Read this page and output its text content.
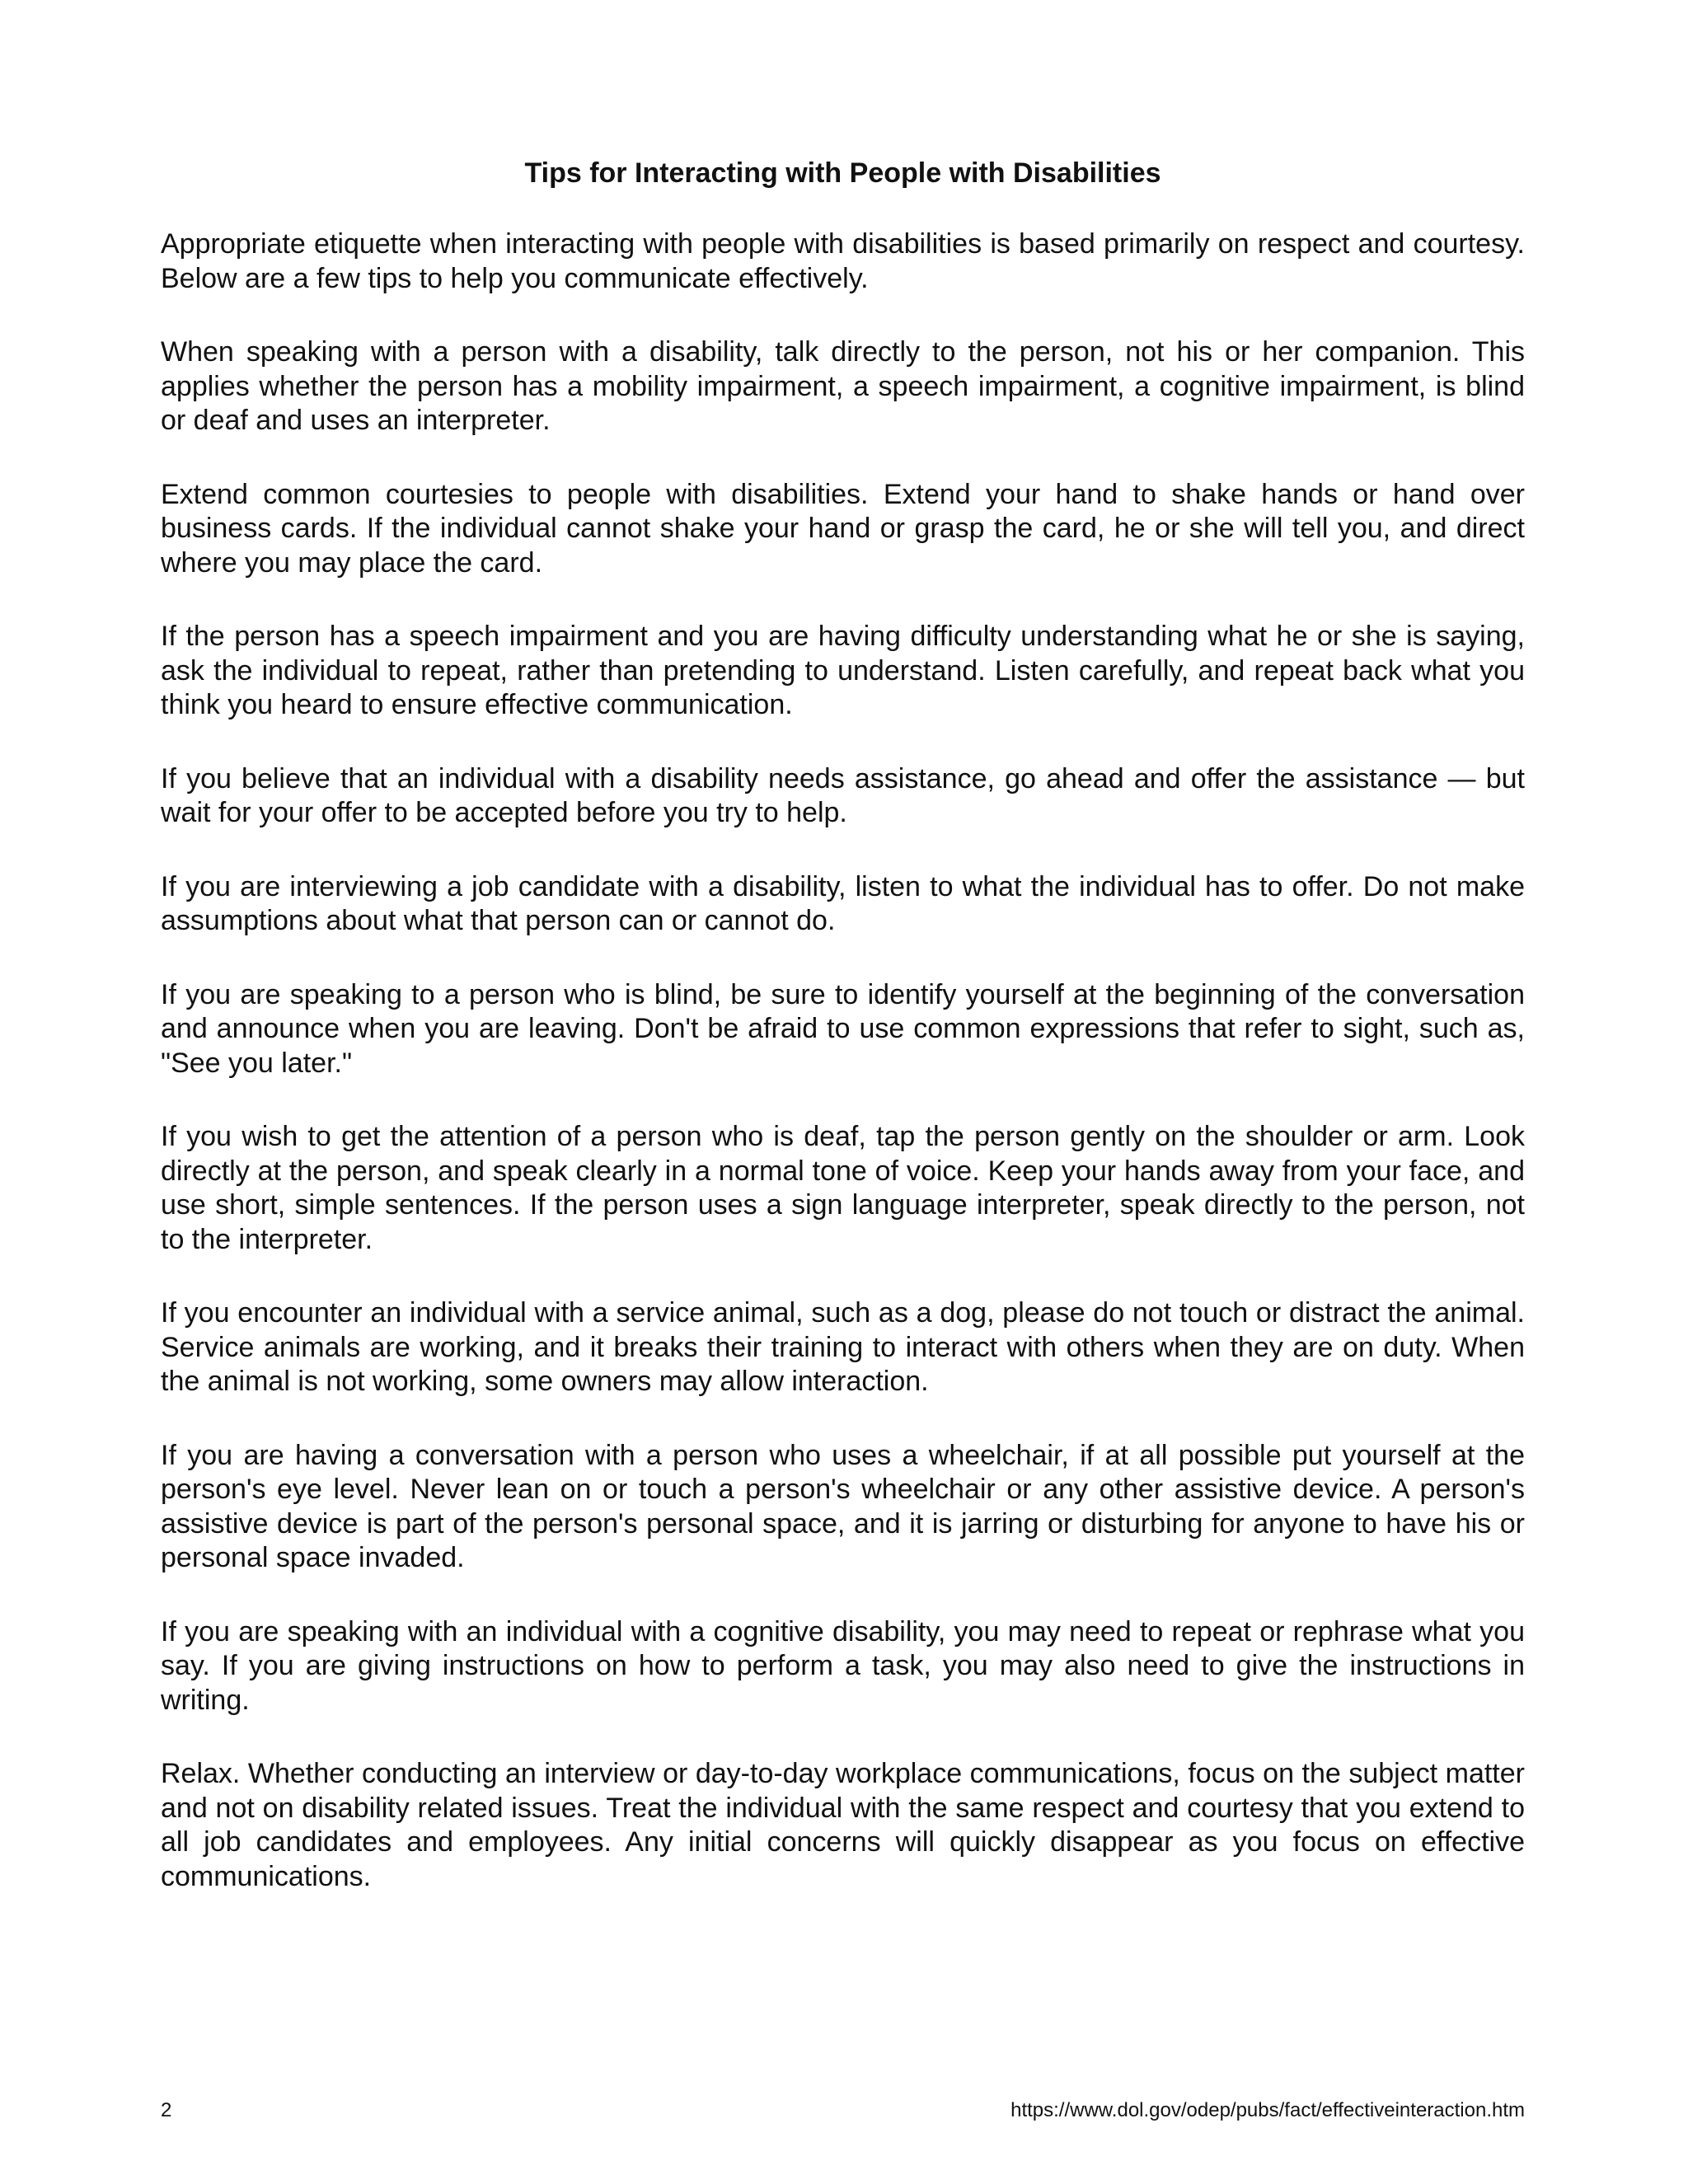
Tips for Interacting with People with Disabilities

Appropriate etiquette when interacting with people with disabilities is based primarily on respect and courtesy. Below are a few tips to help you communicate effectively.

When speaking with a person with a disability, talk directly to the person, not his or her companion. This applies whether the person has a mobility impairment, a speech impairment, a cognitive impairment, is blind or deaf and uses an interpreter.

Extend common courtesies to people with disabilities. Extend your hand to shake hands or hand over business cards. If the individual cannot shake your hand or grasp the card, he or she will tell you, and direct where you may place the card.

If the person has a speech impairment and you are having difficulty understanding what he or she is saying, ask the individual to repeat, rather than pretending to understand. Listen carefully, and repeat back what you think you heard to ensure effective communication.

If you believe that an individual with a disability needs assistance, go ahead and offer the assistance — but wait for your offer to be accepted before you try to help.

If you are interviewing a job candidate with a disability, listen to what the individual has to offer. Do not make assumptions about what that person can or cannot do.

If you are speaking to a person who is blind, be sure to identify yourself at the beginning of the conversation and announce when you are leaving. Don't be afraid to use common expressions that refer to sight, such as, "See you later."

If you wish to get the attention of a person who is deaf, tap the person gently on the shoulder or arm. Look directly at the person, and speak clearly in a normal tone of voice. Keep your hands away from your face, and use short, simple sentences. If the person uses a sign language interpreter, speak directly to the person, not to the interpreter.

If you encounter an individual with a service animal, such as a dog, please do not touch or distract the animal. Service animals are working, and it breaks their training to interact with others when they are on duty. When the animal is not working, some owners may allow interaction.

If you are having a conversation with a person who uses a wheelchair, if at all possible put yourself at the person's eye level. Never lean on or touch a person's wheelchair or any other assistive device. A person's assistive device is part of the person's personal space, and it is jarring or disturbing for anyone to have his or personal space invaded.

If you are speaking with an individual with a cognitive disability, you may need to repeat or rephrase what you say. If you are giving instructions on how to perform a task, you may also need to give the instructions in writing.

Relax. Whether conducting an interview or day-to-day workplace communications, focus on the subject matter and not on disability related issues. Treat the individual with the same respect and courtesy that you extend to all job candidates and employees. Any initial concerns will quickly disappear as you focus on effective communications.

2	https://www.dol.gov/odep/pubs/fact/effectiveinteraction.htm
